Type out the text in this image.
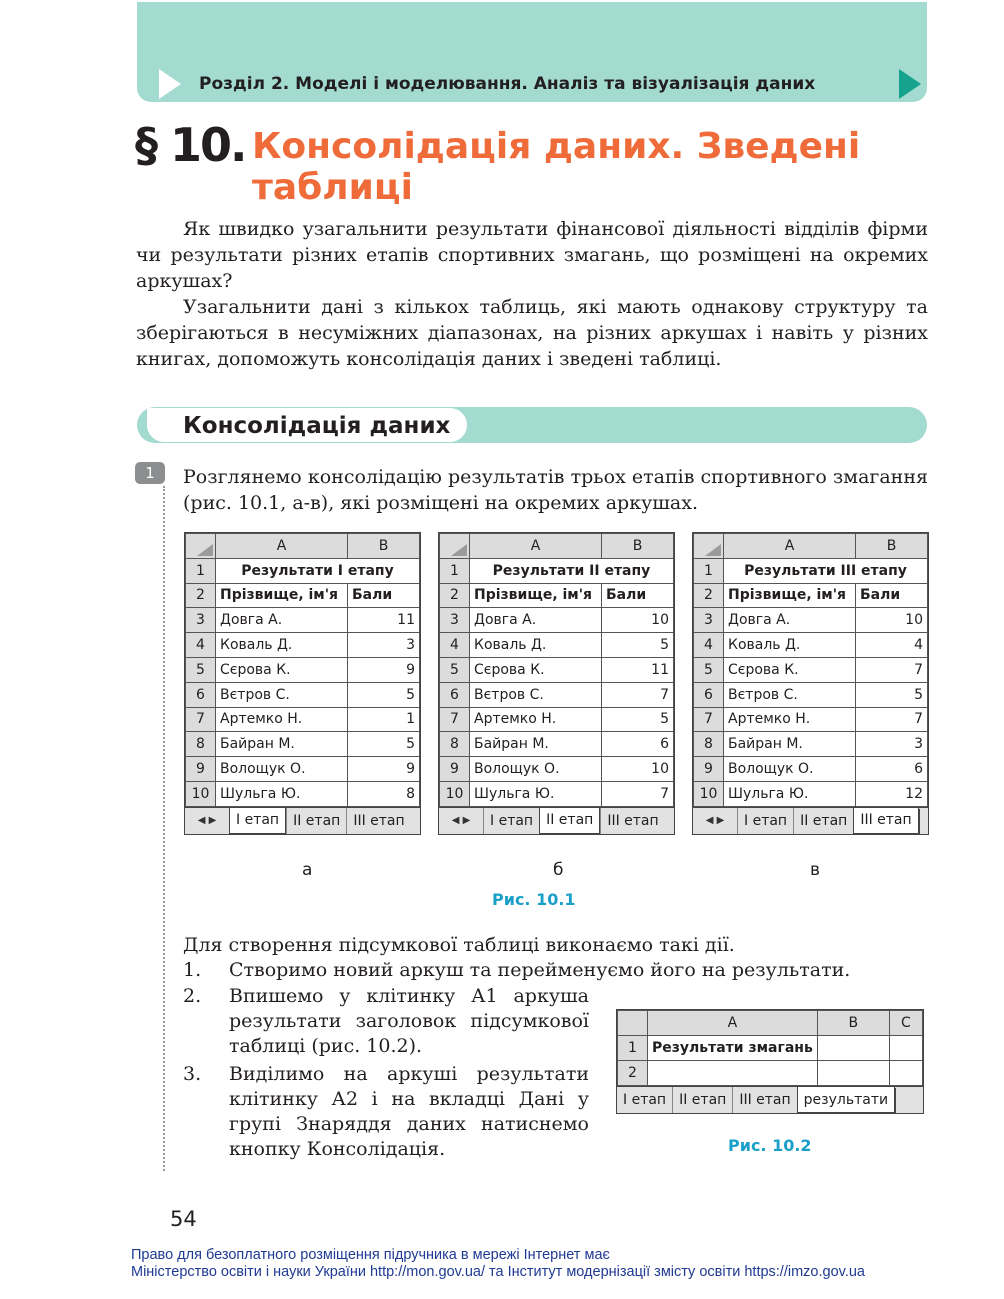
Розділ 2. Моделі і моделювання. Аналіз та візуалізація даних
§ 10. Консолідація даних. Зведені таблиці

Як швидко узагальнити результати фінансової діяльності відділів фірми чи результати різних етапів спортивних змагань, що розміщені на окремих аркушах?

Узагальнити дані з кількох таблиць, які мають однакову структуру та зберігаються в несуміжних діапазонах, на різних аркушах і навіть у різних книгах, допоможуть консолідація даних і зведені таблиці.

Консолідація даних
1	Розглянемо консолідацію результатів трьох етапів спортивного змагання (рис. 10.1, а-в), які розміщені на окремих аркушах.

	A	B
1	Результати І етапу	
2	Прізвище, ім'я	Бали
3	Довга А.	11
4	Коваль Д.	3
5	Сєрова К.	9
6	Вєтров С.	5
7	Артемко Н.	1
8	Байран М.	5
9	Волощук О.	9
10	Шульга Ю.	8
◀ ▶	І етап	ІІ етап ІІІ етап
а
	A	B
1	Результати ІІ етапу	
2	Прізвище, ім'я	Бали
3	Довга А.	10
4	Коваль Д.	5
5	Сєрова К.	11
6	Вєтров С.	7
7	Артемко Н.	5
8	Байран М.	6
9	Волощук О.	10
10	Шульга Ю.	7
◀ ▶	І етап ІІ етап	ІІІ етап
б
	A	B
1	Результати ІІІ етапу	
2	Прізвище, ім'я	Бали
3	Довга А.	10
4	Коваль Д.	4
5	Сєрова К.	7
6	Вєтров С.	5
7	Артемко Н.	7
8	Байран М.	3
9	Волощук О.	6
10	Шульга Ю.	12
◀ ▶	І етап ІІ етап ІІІ етап
в
Рис. 10.1
Для створення підсумкової таблиці виконаємо такі дії.
1. Створимо новий аркуш та перейменуємо його на результати.
2. Впишемо у клітинку А1 аркуша результати заголовок підсумкової таблиці (рис. 10.2).
3. Виділимо на аркуші результати клітинку А2 і на вкладці Дані у групі Знаряддя даних натиснемо кнопку Консолідація.
	A	B	C
1	Результати змагань		
2			
І етап ІІ етап ІІІ етап результати
Рис. 10.2
54
Право для безоплатного розміщення підручника в мережі Інтернет має
Міністерство освіти і науки України http://mon.gov.ua/ та Інститут модернізації змісту освіти https://imzo.gov.ua
